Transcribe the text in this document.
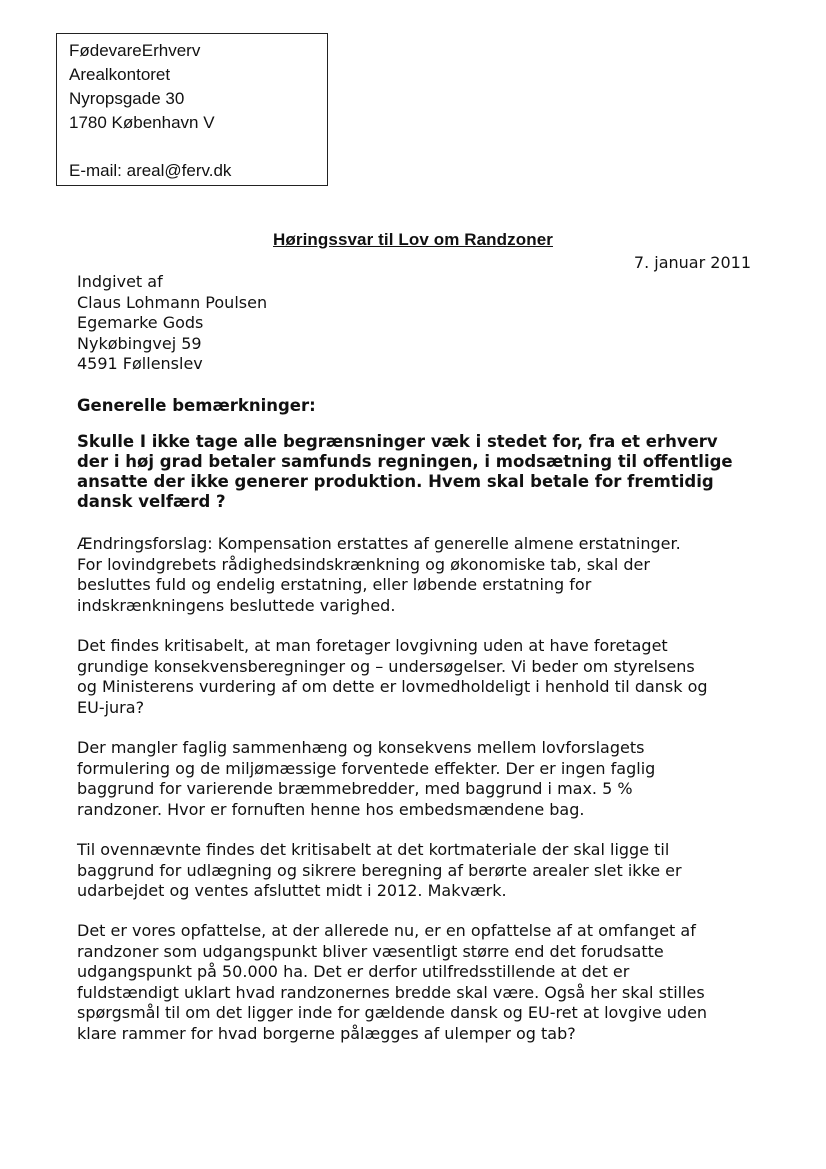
FødevareErhverv
Arealkontoret
Nyropsgade 30
1780 København V
E-mail: areal@ferv.dk
Høringssvar til Lov om Randzoner
7. januar 2011
Indgivet af
Claus Lohmann Poulsen
Egemarke Gods
Nykøbingvej 59
4591 Føllenslev
Generelle bemærkninger:
Skulle I ikke tage alle begrænsninger væk i stedet for, fra et erhverv
der i høj grad betaler samfunds regningen, i modsætning til offentlige
ansatte der ikke generer produktion. Hvem skal betale for fremtidig
dansk velfærd ?
Ændringsforslag: Kompensation erstattes af generelle almene erstatninger.
For lovindgrebets rådighedsindskrænkning og økonomiske tab, skal der
besluttes fuld og endelig erstatning, eller løbende erstatning for
indskrænkningens besluttede varighed.
Det findes kritisabelt, at man foretager lovgivning uden at have foretaget
grundige konsekvensberegninger og – undersøgelser. Vi beder om styrelsens
og Ministerens vurdering af om dette er lovmedholdeligt i henhold til dansk og
EU-jura?
Der mangler faglig sammenhæng og konsekvens mellem lovforslagets
formulering og de miljømæssige forventede effekter. Der er ingen faglig
baggrund for varierende bræmmebredder, med baggrund i max. 5 %
randzoner. Hvor er fornuften henne hos embedsmændene bag.
Til ovennævnte findes det kritisabelt at det kortmateriale der skal ligge til
baggrund for udlægning og sikrere beregning af berørte arealer slet ikke er
udarbejdet og ventes afsluttet midt i 2012. Makværk.
Det er vores opfattelse, at der allerede nu, er en opfattelse af at omfanget af
randzoner som udgangspunkt bliver væsentligt større end det forudsatte
udgangspunkt på 50.000 ha. Det er derfor utilfredsstillende at det er
fuldstændigt uklart hvad randzonernes bredde skal være. Også her skal stilles
spørgsmål til om det ligger inde for gældende dansk og EU-ret at lovgive uden
klare rammer for hvad borgerne pålægges af ulemper og tab?
